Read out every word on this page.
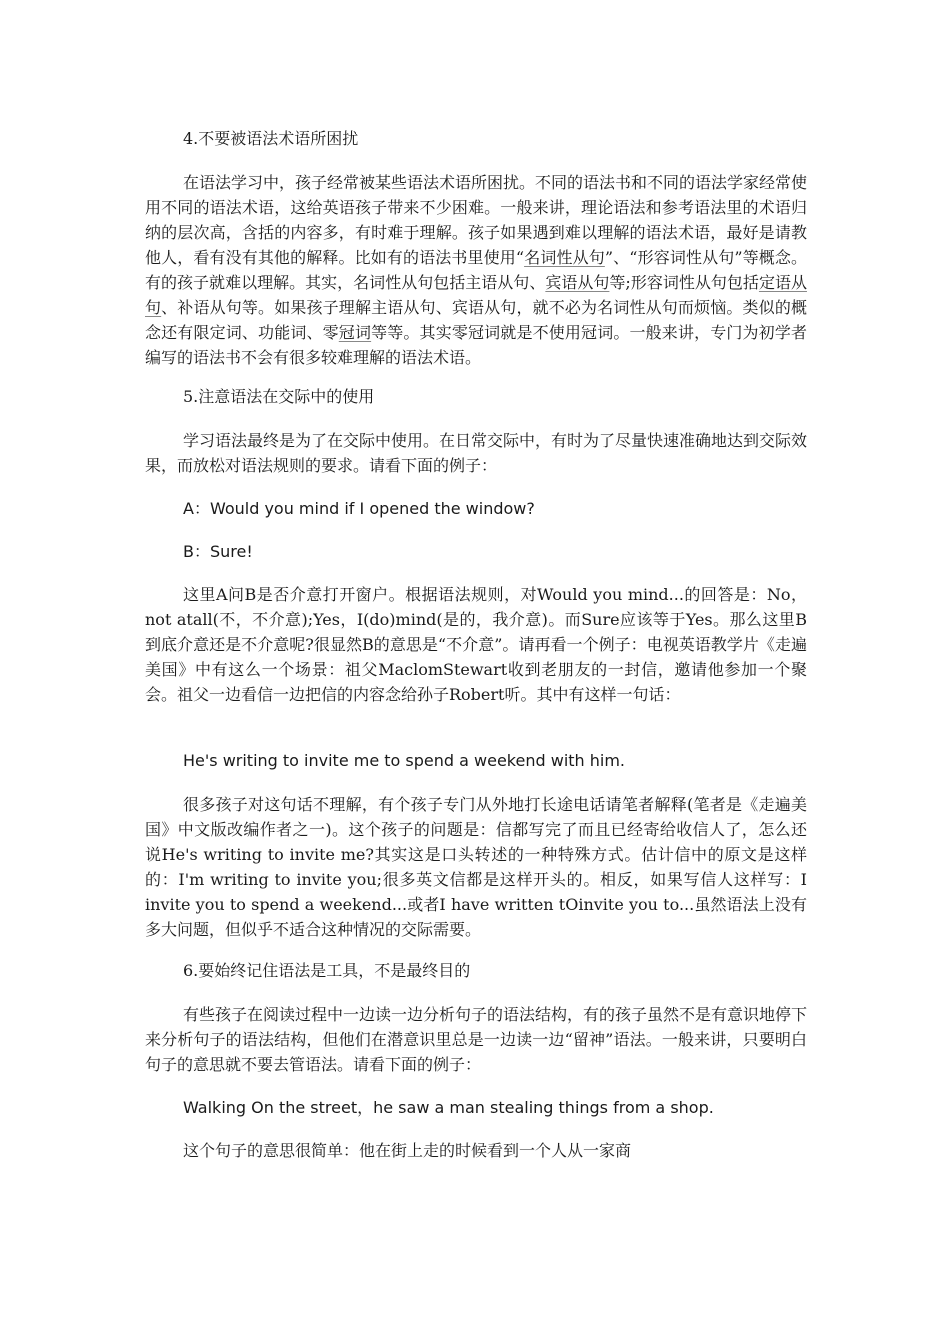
4.不要被语法术语所困扰

在语法学习中，孩子经常被某些语法术语所困扰。不同的语法书和不同的语法学家经常使用不同的语法术语，这给英语孩子带来不少困难。一般来讲，理论语法和参考语法里的术语归纳的层次高，含括的内容多，有时难于理解。孩子如果遇到难以理解的语法术语，最好是请教他人，看有没有其他的解释。比如有的语法书里使用“名词性从句”、“形容词性从句”等概念。有的孩子就难以理解。其实，名词性从句包括主语从句、宾语从句等;形容词性从句包括定语从句、补语从句等。如果孩子理解主语从句、宾语从句，就不必为名词性从句而烦恼。类似的概念还有限定词、功能词、零冠词等等。其实零冠词就是不使用冠词。一般来讲，专门为初学者编写的语法书不会有很多较难理解的语法术语。

5.注意语法在交际中的使用

学习语法最终是为了在交际中使用。在日常交际中，有时为了尽量快速准确地达到交际效果，而放松对语法规则的要求。请看下面的例子：

A：Would you mind if I opened the window?

B：Sure!

这里A问B是否介意打开窗户。根据语法规则，对Would you mind...的回答是：No，not atall(不，不介意);Yes，I(do)mind(是的，我介意)。而Sure应该等于Yes。那么这里B到底介意还是不介意呢?很显然B的意思是“不介意”。请再看一个例子：电视英语教学片《走遍美国》中有这么一个场景：祖父MaclomStewart收到老朋友的一封信，邀请他参加一个聚会。祖父一边看信一边把信的内容念给孙子Robert听。其中有这样一句话：

He's writing to invite me to spend a weekend with him.

很多孩子对这句话不理解，有个孩子专门从外地打长途电话请笔者解释(笔者是《走遍美国》中文版改编作者之一)。这个孩子的问题是：信都写完了而且已经寄给收信人了，怎么还说He's writing to invite me?其实这是口头转述的一种特殊方式。估计信中的原文是这样的：I'm writing to invite you;很多英文信都是这样开头的。相反，如果写信人这样写：I invite you to spend a weekend...或者I have written tOinvite you to...虽然语法上没有多大问题，但似乎不适合这种情况的交际需要。

6.要始终记住语法是工具，不是最终目的

有些孩子在阅读过程中一边读一边分析句子的语法结构，有的孩子虽然不是有意识地停下来分析句子的语法结构，但他们在潜意识里总是一边读一边“留神”语法。一般来讲，只要明白句子的意思就不要去管语法。请看下面的例子：

Walking On the street，he saw a man stealing things from a shop.

这个句子的意思很简单：他在街上走的时候看到一个人从一家商
